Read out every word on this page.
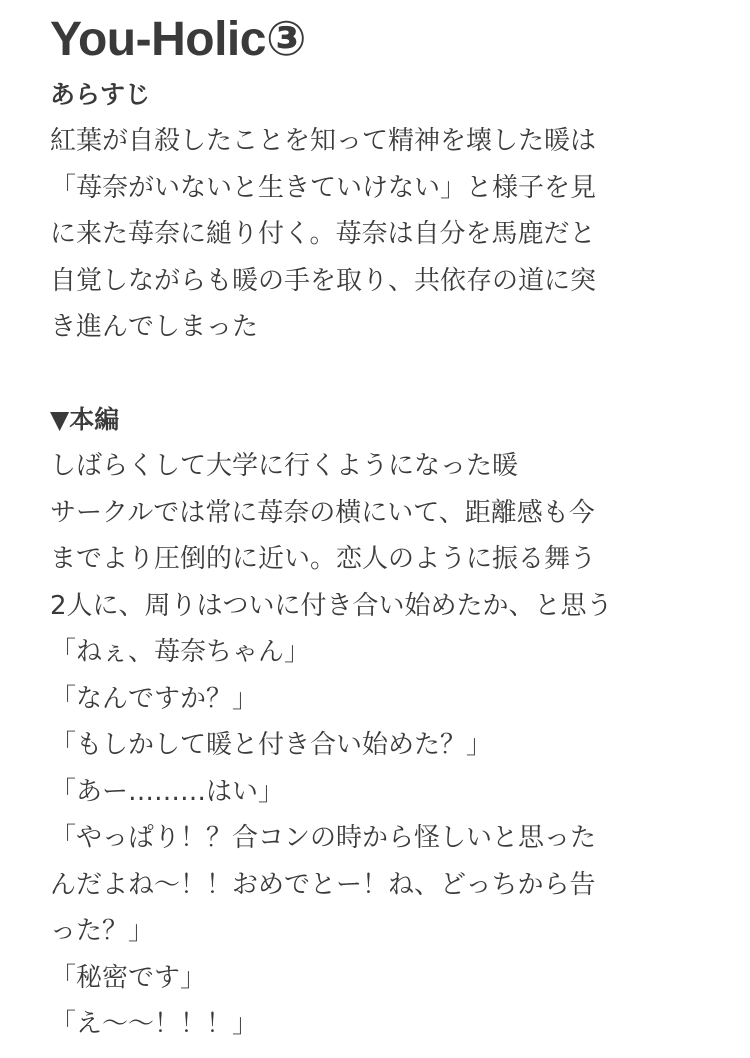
You-Holic③
あらすじ

紅葉が自殺したことを知って精神を壊した暖は

「苺奈がいないと生きていけない」と様子を見

に来た苺奈に縋り付く。苺奈は自分を馬鹿だと

自覚しながらも暖の手を取り、共依存の道に突

き進んでしまった

▼本編

しばらくして大学に行くようになった暖

サークルでは常に苺奈の横にいて、距離感も今

までより圧倒的に近い。恋人のように振る舞う

2人に、周りはついに付き合い始めたか、と思う

「ねぇ、苺奈ちゃん」

「なんですか？」

「もしかして暖と付き合い始めた？」

「あー………はい」

「やっぱり！？合コンの時から怪しいと思った

んだよね〜！！おめでとー！ね、どっちから告

った？」

「秘密です」

「え〜〜！！！」
